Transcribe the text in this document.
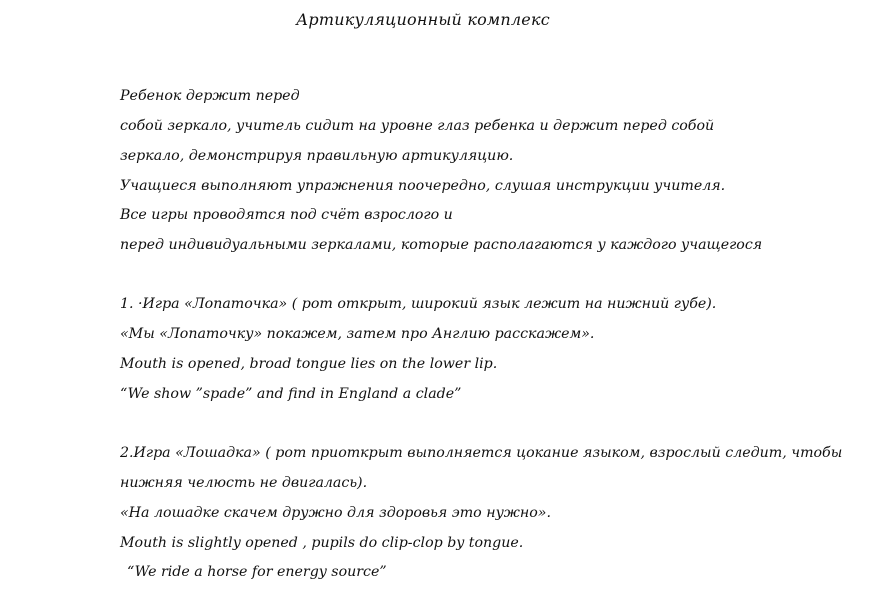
Артикуляционный комплекс
Ребенок держит перед
собой зеркало, учитель сидит на уровне глаз ребенка и держит перед собой
зеркало, демонстрируя правильную артикуляцию.
Учащиеся выполняют упражнения поочередно, слушая инструкции учителя.
Все игры проводятся под счёт взрослого и
перед индивидуальными зеркалами, которые располагаются у каждого учащегося
1. ·Игра «Лопаточка» ( рот открыт, широкий язык лежит на нижний губе).
«Мы «Лопаточку» покажем, затем про Англию расскажем».
Mouth is opened, broad tongue lies on the lower lip.
“We show ”spade” and find in England a clade”
2.Игра «Лошадка» ( рот приоткрыт выполняется цокание языком, взрослый следит, чтобы
нижняя челюсть не двигалась).
«На лошадке скачем дружно для здоровья это нужно».
Mouth is slightly opened , pupils do clip-clop by tongue.
“We ride a horse for energy source”
